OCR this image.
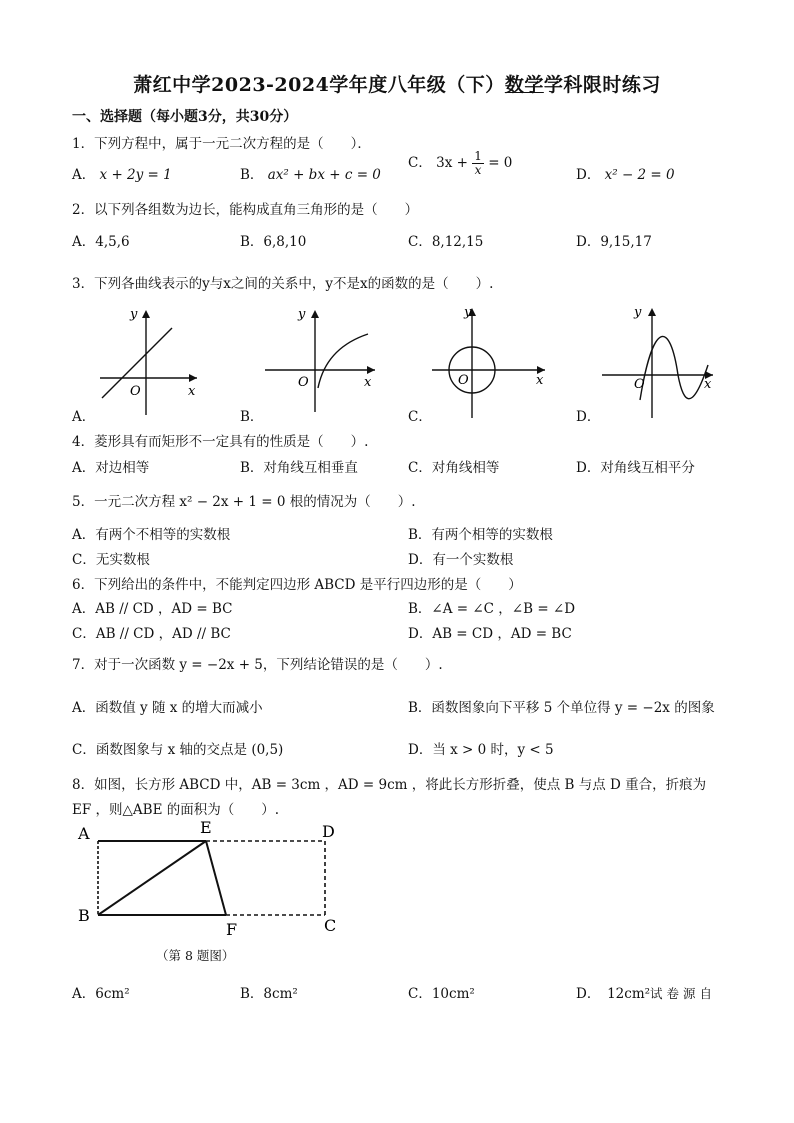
萧红中学2023-2024学年度八年级（下）数学学科限时练习
一、选择题（每小题3分，共30分）
1．下列方程中，属于一元二次方程的是（　　）．
A． x + 2y = 1	B． ax² + bx + c = 0
C． $3x + \frac{1}{x} = 0$
D． x² − 2 = 0
2．以下列各组数为边长，能构成直角三角形的是（　　）
A．4,5,6	B．6,8,10	C．8,12,15	D．9,15,17
3．下列各曲线表示的y与x之间的关系中，y不是x的函数的是（　　）.
y
x
O
A．
y
x
O
B．
y
x
O
C．
y
x
O
D．
4．菱形具有而矩形不一定具有的性质是（　　）.
A．对边相等	B．对角线互相垂直	C．对角线相等	D．对角线互相平分
5．一元二次方程 x² − 2x + 1 = 0 根的情况为（　　）.
A．有两个不相等的实数根	B．有两个相等的实数根
C．无实数根	D．有一个实数根
6．下列给出的条件中，不能判定四边形 ABCD 是平行四边形的是（　　）
A．AB // CD ，AD = BC	B．∠A = ∠C ，∠B = ∠D
C．AB // CD ，AD // BC	D．AB = CD ，AD = BC
7．对于一次函数 y = −2x + 5，下列结论错误的是（　　）.
A．函数值 y 随 x 的增大而减小	B．函数图象向下平移 5 个单位得 y = −2x 的图象
C．函数图象与 x 轴的交点是 (0,5)	D．当 x > 0 时，y < 5
8．如图，长方形 ABCD 中，AB = 3cm ，AD = 9cm ，将此长方形折叠，使点 B 与点 D 重合，折痕为
EF ，则△ABE 的面积为（　　）.
A	E	D
B
F	C
（第 8 题图）
A．6cm²	B．8cm²	C．10cm²	D．　12cm²试 卷 源 自
